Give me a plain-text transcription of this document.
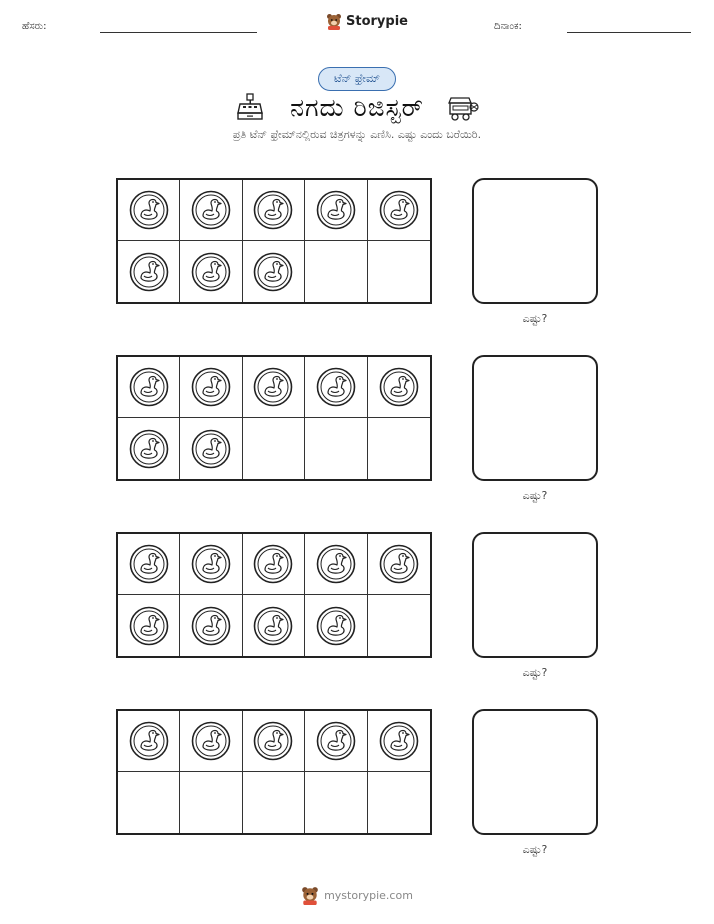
ಹೆಸರು:	Storypie	ದಿನಾಂಕ:
ಟೆನ್ ಫ್ರೇಮ್
ನಗದು ರಿಜಿಸ್ಟರ್
ಪ್ರತಿ ಟೆನ್ ಫ್ರೇಮ್‌ನಲ್ಲಿರುವ ಚಿತ್ರಗಳನ್ನು ಎಣಿಸಿ. ಎಷ್ಟು ಎಂದು ಬರೆಯಿರಿ.
ಎಷ್ಟು?
ಎಷ್ಟು?
ಎಷ್ಟು?
ಎಷ್ಟು?
mystorypie.com
